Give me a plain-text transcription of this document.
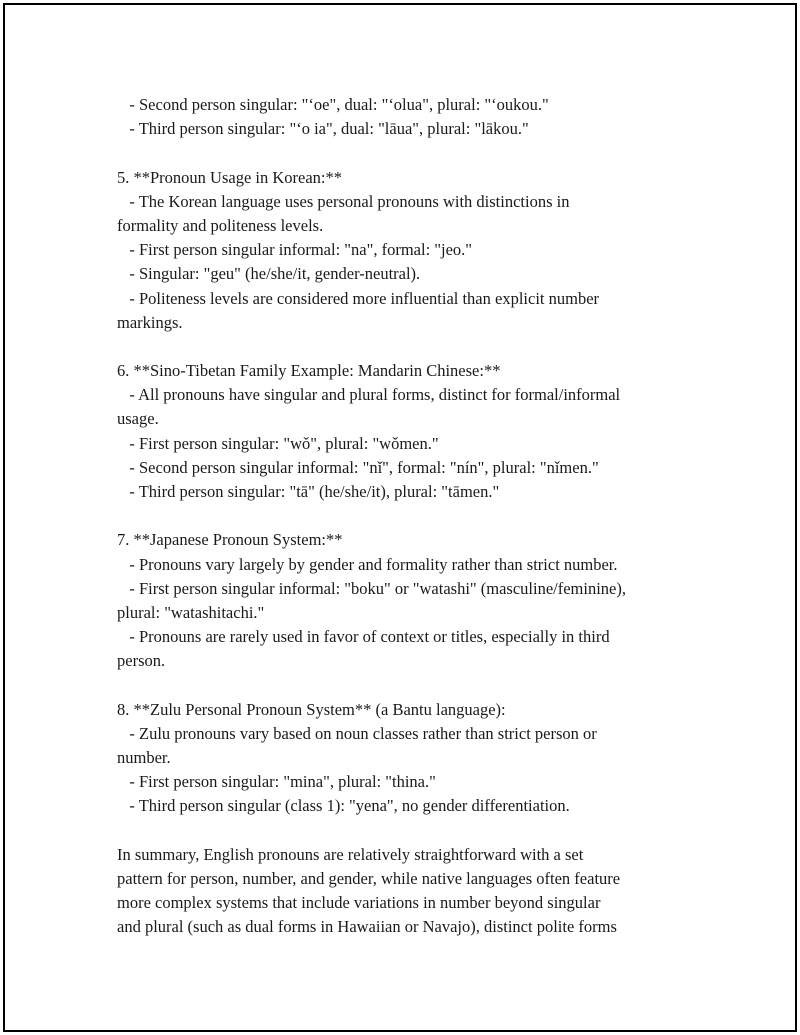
- Second person singular: "ʻoe", dual: "ʻolua", plural: "ʻoukou."
- Third person singular: "ʻo ia", dual: "lāua", plural: "lākou."
5. **Pronoun Usage in Korean:**
- The Korean language uses personal pronouns with distinctions in
formality and politeness levels.
- First person singular informal: "na", formal: "jeo."
- Singular: "geu" (he/she/it, gender-neutral).
- Politeness levels are considered more influential than explicit number
markings.
6. **Sino-Tibetan Family Example: Mandarin Chinese:**
- All pronouns have singular and plural forms, distinct for formal/informal
usage.
- First person singular: "wǒ", plural: "wǒmen."
- Second person singular informal: "nǐ", formal: "nín", plural: "nǐmen."
- Third person singular: "tā" (he/she/it), plural: "tāmen."
7. **Japanese Pronoun System:**
- Pronouns vary largely by gender and formality rather than strict number.
- First person singular informal: "boku" or "watashi" (masculine/feminine),
plural: "watashitachi."
- Pronouns are rarely used in favor of context or titles, especially in third
person.
8. **Zulu Personal Pronoun System** (a Bantu language):
- Zulu pronouns vary based on noun classes rather than strict person or
number.
- First person singular: "mina", plural: "thina."
- Third person singular (class 1): "yena", no gender differentiation.
In summary, English pronouns are relatively straightforward with a set
pattern for person, number, and gender, while native languages often feature
more complex systems that include variations in number beyond singular
and plural (such as dual forms in Hawaiian or Navajo), distinct polite forms
